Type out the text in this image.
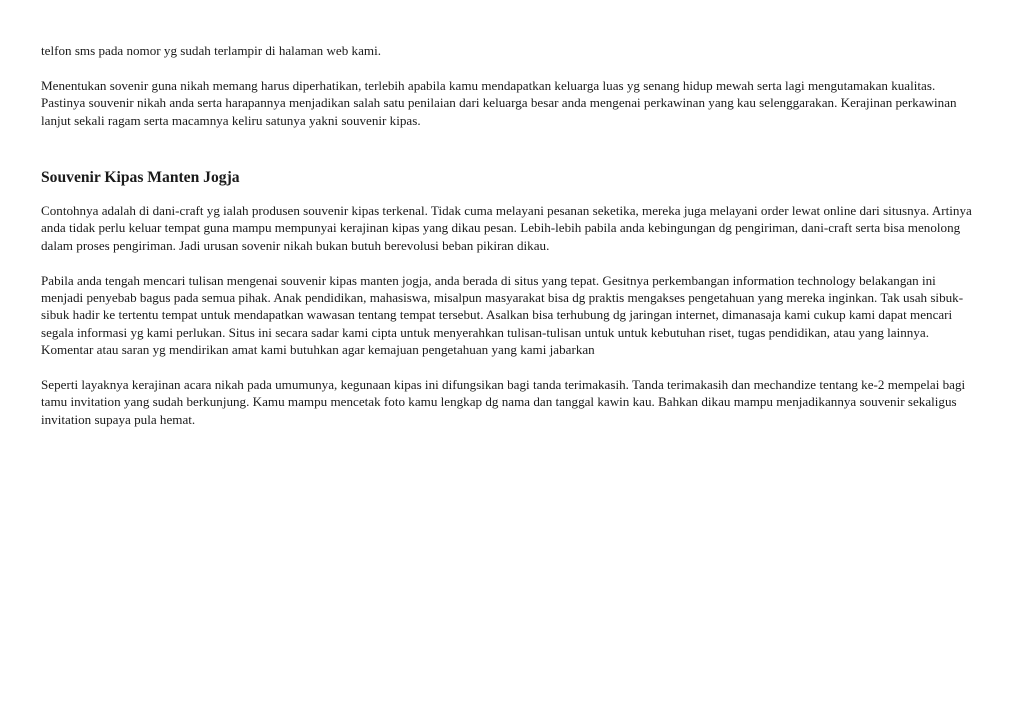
telfon sms pada nomor yg sudah terlampir di halaman web kami.

Menentukan sovenir guna nikah memang harus diperhatikan, terlebih apabila kamu mendapatkan keluarga luas yg senang hidup mewah serta lagi mengutamakan kualitas. Pastinya souvenir nikah anda serta harapannya menjadikan salah satu penilaian dari keluarga besar anda mengenai perkawinan yang kau selenggarakan. Kerajinan perkawinan lanjut sekali ragam serta macamnya keliru satunya yakni souvenir kipas.

Souvenir Kipas Manten Jogja

Contohnya adalah di dani-craft yg ialah produsen souvenir kipas terkenal. Tidak cuma melayani pesanan seketika, mereka juga melayani order lewat online dari situsnya. Artinya anda tidak perlu keluar tempat guna mampu mempunyai kerajinan kipas yang dikau pesan. Lebih-lebih pabila anda kebingungan dg pengiriman, dani-craft serta bisa menolong dalam proses pengiriman. Jadi urusan sovenir nikah bukan butuh berevolusi beban pikiran dikau.

Pabila anda tengah mencari tulisan mengenai souvenir kipas manten jogja, anda berada di situs yang tepat. Gesitnya perkembangan information technology belakangan ini menjadi penyebab bagus pada semua pihak. Anak pendidikan, mahasiswa, misalpun masyarakat bisa dg praktis mengakses pengetahuan yang mereka inginkan. Tak usah sibuk-sibuk hadir ke tertentu tempat untuk mendapatkan wawasan tentang tempat tersebut. Asalkan bisa terhubung dg jaringan internet, dimanasaja kami cukup kami dapat mencari segala informasi yg kami perlukan. Situs ini secara sadar kami cipta untuk menyerahkan tulisan-tulisan untuk untuk kebutuhan riset, tugas pendidikan, atau yang lainnya. Komentar atau saran yg mendirikan amat kami butuhkan agar kemajuan pengetahuan yang kami jabarkan

Seperti layaknya kerajinan acara nikah pada umumunya, kegunaan kipas ini difungsikan bagi tanda terimakasih. Tanda terimakasih dan mechandize tentang ke-2 mempelai bagi tamu invitation yang sudah berkunjung. Kamu mampu mencetak foto kamu lengkap dg nama dan tanggal kawin kau. Bahkan dikau mampu menjadikannya souvenir sekaligus invitation supaya pula hemat.
